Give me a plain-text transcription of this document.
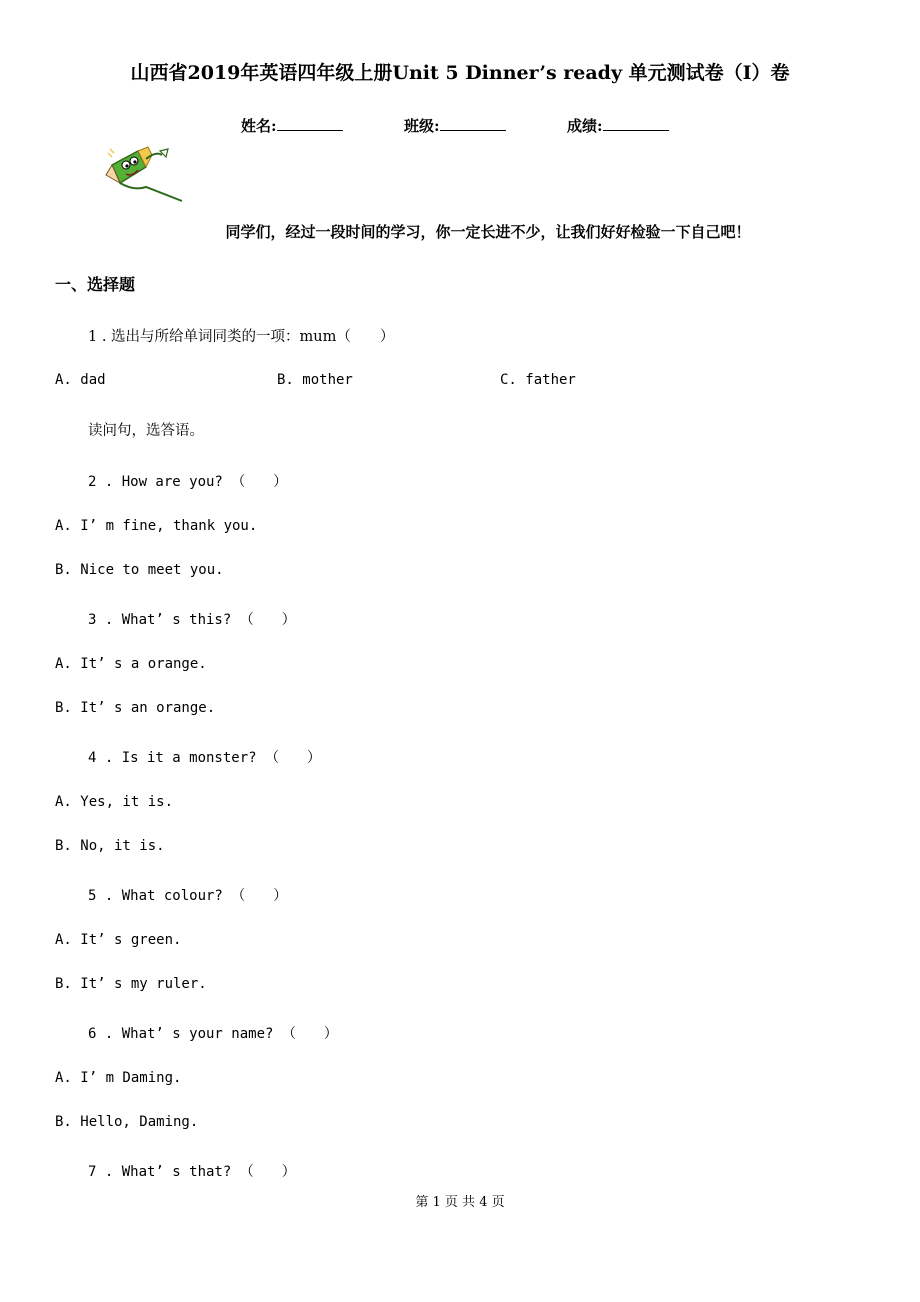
山西省2019年英语四年级上册Unit 5 Dinner’s ready 单元测试卷（I）卷
姓名:	班级:	成绩:
同学们，经过一段时间的学习，你一定长进不少，让我们好好检验一下自己吧！
一、选择题
1 . 选出与所给单词同类的一项：mum（　　）
A. dad	B. mother	C. father
读问句，选答语。
2 . How are you? （　　）
A. I’ m fine, thank you.
B. Nice to meet you.
3 . What’ s this? （　　）
A. It’ s a orange.
B. It’ s an orange.
4 . Is it a monster? （　　）
A. Yes, it is.
B. No, it is.
5 . What colour? （　　）
A. It’ s green.
B. It’ s my ruler.
6 . What’ s your name? （　　）
A. I’ m Daming.
B. Hello, Daming.
7 . What’ s that? （　　）
第 1 页 共 4 页
